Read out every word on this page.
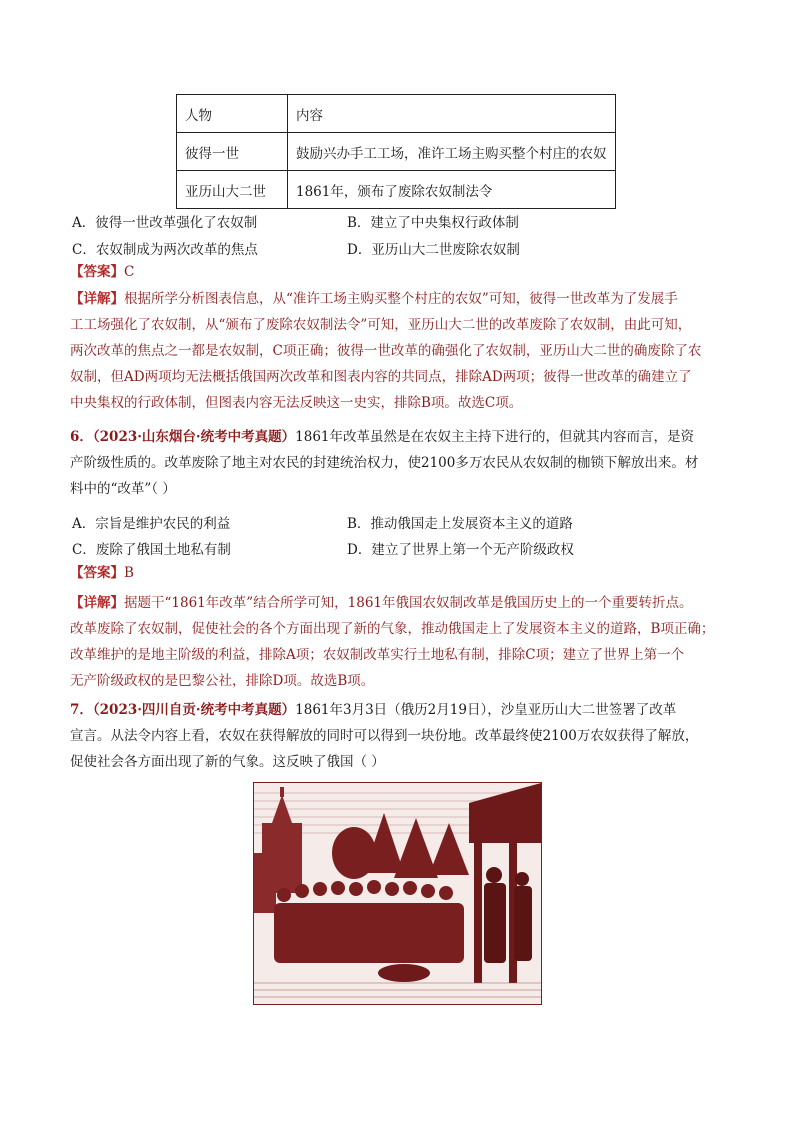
人物	内容
彼得一世	鼓励兴办手工工场，准许工场主购买整个村庄的农奴
亚历山大二世	1861年，颁布了废除农奴制法令
A．彼得一世改革强化了农奴制	B．建立了中央集权行政体制
C．农奴制成为两次改革的焦点	D．亚历山大二世废除农奴制
【答案】C
【详解】根据所学分析图表信息，从“准许工场主购买整个村庄的农奴”可知，彼得一世改革为了发展手
工工场强化了农奴制，从“颁布了废除农奴制法令”可知，亚历山大二世的改革废除了农奴制，由此可知，
两次改革的焦点之一都是农奴制，C项正确；彼得一世改革的确强化了农奴制，亚历山大二世的确废除了农
奴制，但AD两项均无法概括俄国两次改革和图表内容的共同点，排除AD两项；彼得一世改革的确建立了
中央集权的行政体制，但图表内容无法反映这一史实，排除B项。故选C项。
6．（2023·山东烟台·统考中考真题）1861年改革虽然是在农奴主主持下进行的，但就其内容而言，是资
产阶级性质的。改革废除了地主对农民的封建统治权力，使2100多万农民从农奴制的枷锁下解放出来。材
料中的“改革”（ ）
A．宗旨是维护农民的利益	B．推动俄国走上发展资本主义的道路
C．废除了俄国土地私有制	D．建立了世界上第一个无产阶级政权
【答案】B
【详解】据题干“1861年改革”结合所学可知，1861年俄国农奴制改革是俄国历史上的一个重要转折点。
改革废除了农奴制，促使社会的各个方面出现了新的气象，推动俄国走上了发展资本主义的道路，B项正确；
改革维护的是地主阶级的利益，排除A项；农奴制改革实行土地私有制，排除C项；建立了世界上第一个
无产阶级政权的是巴黎公社，排除D项。故选B项。
7．（2023·四川自贡·统考中考真题）1861年3月3日（俄历2月19日），沙皇亚历山大二世签署了改革
宣言。从法令内容上看，农奴在获得解放的同时可以得到一块份地。改革最终使2100万农奴获得了解放，
促使社会各方面出现了新的气象。这反映了俄国（ ）
